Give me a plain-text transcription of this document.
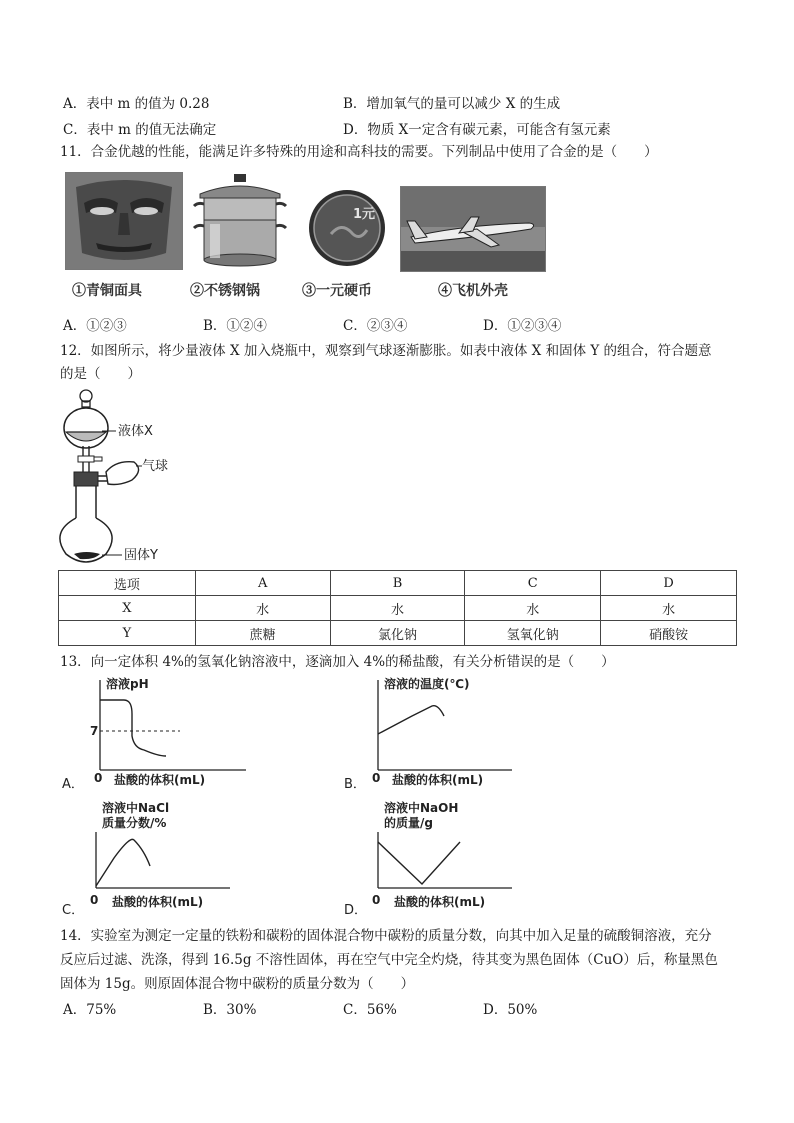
A．表中 m 的值为 0.28	B．增加氧气的量可以减少 X 的生成
C．表中 m 的值无法确定	D．物质 X一定含有碳元素，可能含有氢元素
11．合金优越的性能，能满足许多特殊的用途和高科技的需要。下列制品中使用了合金的是（　　）
1元
①青铜面具	②不锈钢锅	③一元硬币	④飞机外壳
A．①②③	B．①②④	C．②③④	D．①②③④
12．如图所示，将少量液体 X 加入烧瓶中，观察到气球逐渐膨胀。如表中液体 X 和固体 Y 的组合，符合题意
的是（　　）
液体X
气球
固体Y
选项	A	B	C	D
X	水	水	水	水
Y	蔗糖	氯化钠	氢氧化钠	硝酸铵
13．向一定体积 4%的氢氧化钠溶液中，逐滴加入 4%的稀盐酸，有关分析错误的是（　　）
溶液pH
7
0 盐酸的体积(mL)
A．
溶液的温度(℃)
0 盐酸的体积(mL)
B．
溶液中NaCl
质量分数/%
0 盐酸的体积(mL)
C．
溶液中NaOH
的质量/g
0 盐酸的体积(mL)
D．
14．实验室为测定一定量的铁粉和碳粉的固体混合物中碳粉的质量分数，向其中加入足量的硫酸铜溶液，充分
反应后过滤、洗涤，得到 16.5g 不溶性固体，再在空气中完全灼烧，待其变为黑色固体（CuO）后，称量黑色
固体为 15g。则原固体混合物中碳粉的质量分数为（　　）
A．75%	B．30%	C．56%	D．50%
